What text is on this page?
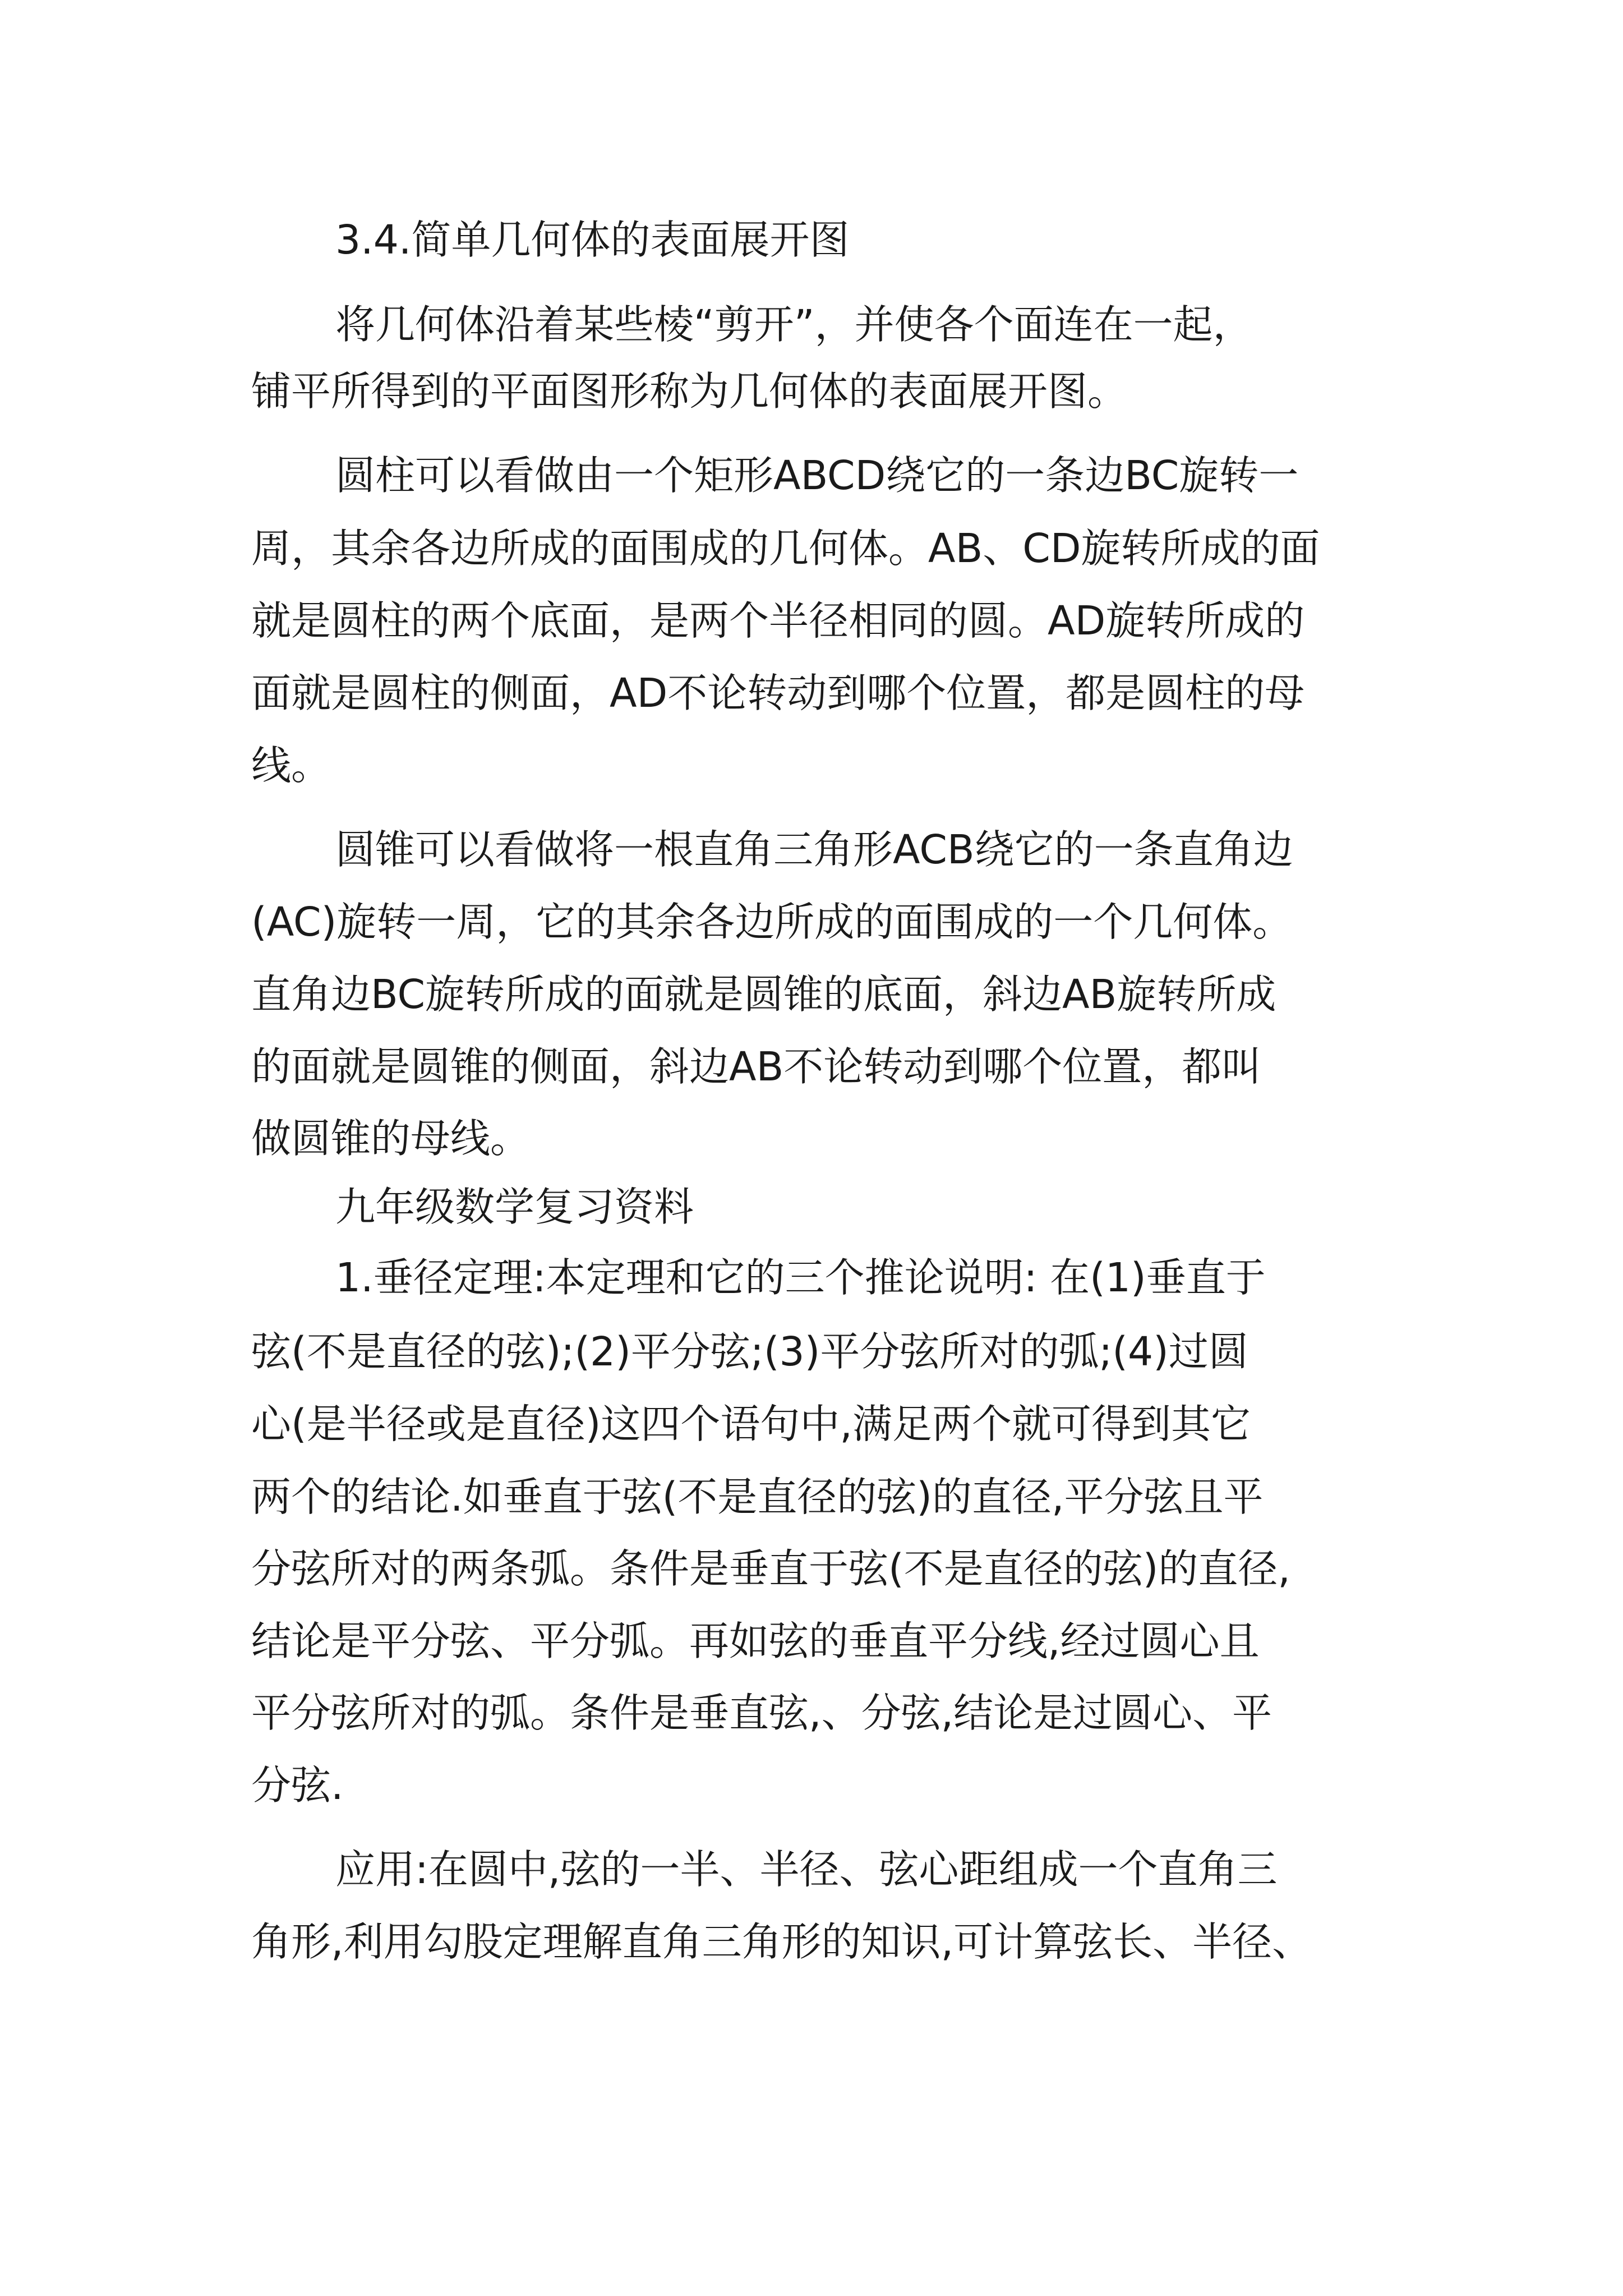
3.4.简单几何体的表面展开图
将几何体沿着某些棱“剪开”，并使各个面连在一起，
铺平所得到的平面图形称为几何体的表面展开图。
圆柱可以看做由一个矩形ABCD绕它的一条边BC旋转一
周，其余各边所成的面围成的几何体。AB、CD旋转所成的面
就是圆柱的两个底面，是两个半径相同的圆。AD旋转所成的
面就是圆柱的侧面，AD不论转动到哪个位置，都是圆柱的母
线。
圆锥可以看做将一根直角三角形ACB绕它的一条直角边
(AC)旋转一周，它的其余各边所成的面围成的一个几何体。
直角边BC旋转所成的面就是圆锥的底面，斜边AB旋转所成
的面就是圆锥的侧面，斜边AB不论转动到哪个位置，都叫
做圆锥的母线。
九年级数学复习资料
1.垂径定理:本定理和它的三个推论说明: 在(1)垂直于
弦(不是直径的弦);(2)平分弦;(3)平分弦所对的弧;(4)过圆
心(是半径或是直径)这四个语句中,满足两个就可得到其它
两个的结论.如垂直于弦(不是直径的弦)的直径,平分弦且平
分弦所对的两条弧。条件是垂直于弦(不是直径的弦)的直径,
结论是平分弦、平分弧。再如弦的垂直平分线,经过圆心且
平分弦所对的弧。条件是垂直弦,、分弦,结论是过圆心、平
分弦.
应用:在圆中,弦的一半、半径、弦心距组成一个直角三
角形,利用勾股定理解直角三角形的知识,可计算弦长、半径、
